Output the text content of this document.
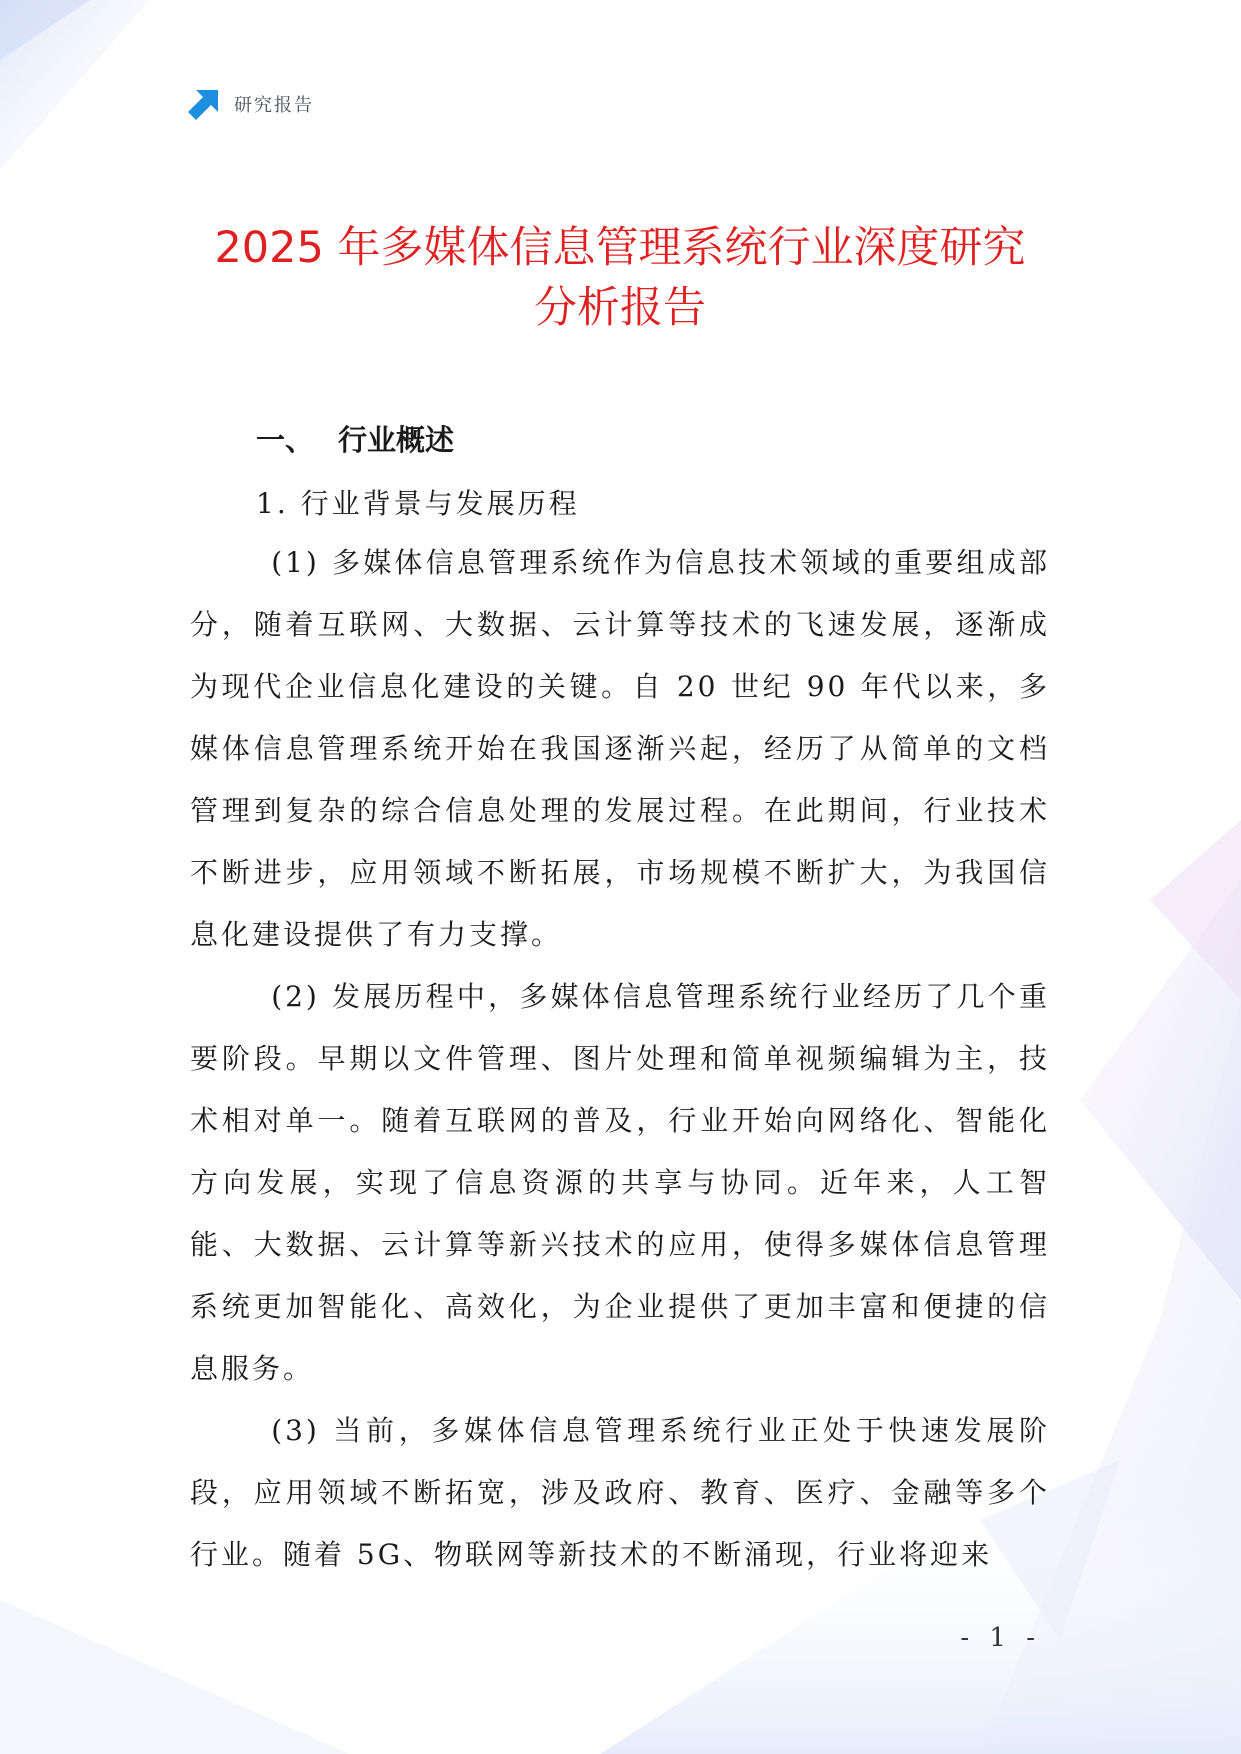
研究报告
2025 年多媒体信息管理系统行业深度研究
分析报告
一、 行业概述
1. 行业背景与发展历程

(1) 多媒体信息管理系统作为信息技术领域的重要组成部分，随着互联网、大数据、云计算等技术的飞速发展，逐渐成为现代企业信息化建设的关键。自 20 世纪 90 年代以来，多媒体信息管理系统开始在我国逐渐兴起，经历了从简单的文档管理到复杂的综合信息处理的发展过程。在此期间，行业技术不断进步，应用领域不断拓展，市场规模不断扩大，为我国信息化建设提供了有力支撑。

(2) 发展历程中，多媒体信息管理系统行业经历了几个重要阶段。早期以文件管理、图片处理和简单视频编辑为主，技术相对单一。随着互联网的普及，行业开始向网络化、智能化方向发展，实现了信息资源的共享与协同。近年来，人工智能、大数据、云计算等新兴技术的应用，使得多媒体信息管理系统更加智能化、高效化，为企业提供了更加丰富和便捷的信息服务。

(3) 当前，多媒体信息管理系统行业正处于快速发展阶段，应用领域不断拓宽，涉及政府、教育、医疗、金融等多个行业。随着 5G、物联网等新技术的不断涌现，行业将迎来

- 1 -
